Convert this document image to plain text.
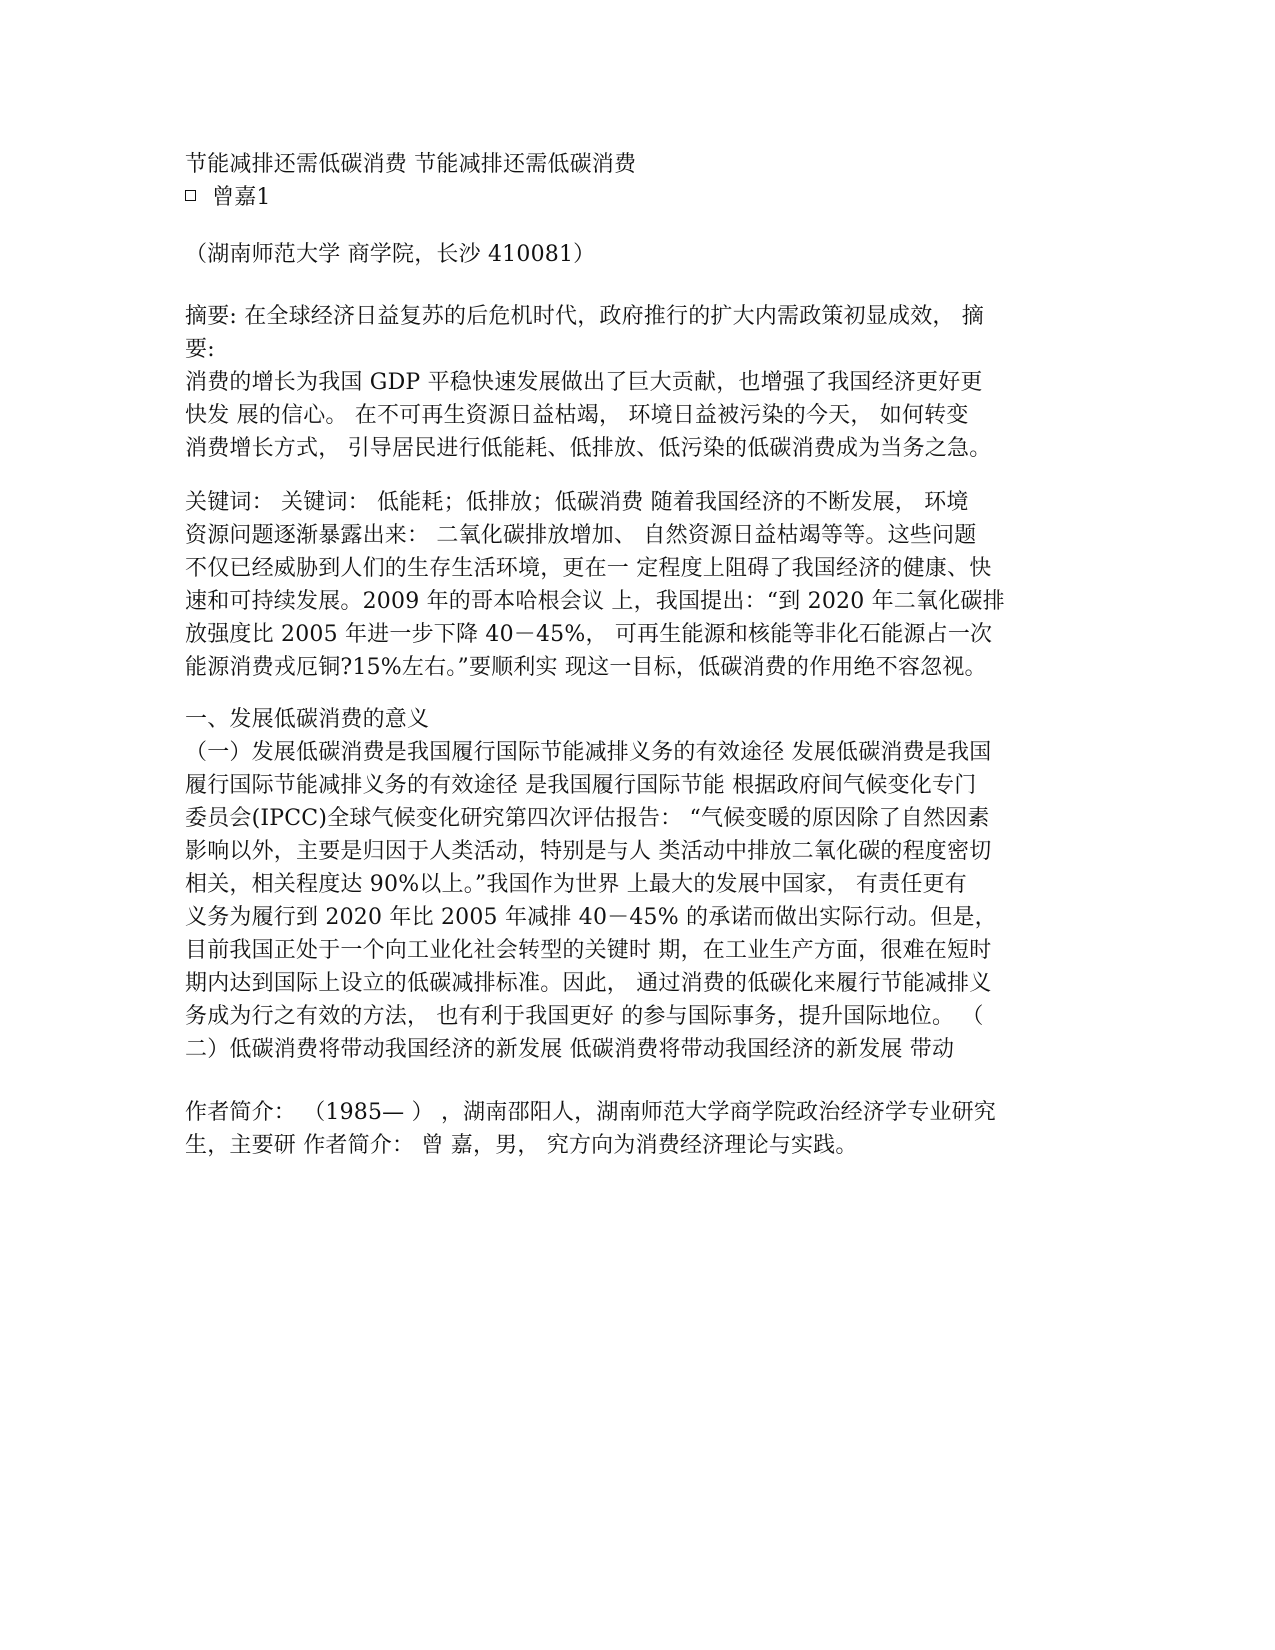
节能减排还需低碳消费 节能减排还需低碳消费
曾嘉1
（湖南师范大学 商学院，长沙 410081）
摘要: 在全球经济日益复苏的后危机时代，政府推行的扩大内需政策初显成效， 摘
要:
消费的增长为我国 GDP 平稳快速发展做出了巨大贡献，也增强了我国经济更好更
快发 展的信心。 在不可再生资源日益枯竭， 环境日益被污染的今天， 如何转变
消费增长方式， 引导居民进行低能耗、低排放、低污染的低碳消费成为当务之急。
关键词： 关键词： 低能耗；低排放；低碳消费 随着我国经济的不断发展， 环境
资源问题逐渐暴露出来： 二氧化碳排放增加、 自然资源日益枯竭等等。这些问题
不仅已经威胁到人们的生存生活环境，更在一 定程度上阻碍了我国经济的健康、快
速和可持续发展。2009 年的哥本哈根会议 上，我国提出：“到 2020 年二氧化碳排
放强度比 2005 年进一步下降 40－45%， 可再生能源和核能等非化石能源占一次
能源消费戎厄铜?15%左右。”要顺利实 现这一目标，低碳消费的作用绝不容忽视。
一、发展低碳消费的意义
（一）发展低碳消费是我国履行国际节能减排义务的有效途径 发展低碳消费是我国
履行国际节能减排义务的有效途径 是我国履行国际节能 根据政府间气候变化专门
委员会(IPCC)全球气候变化研究第四次评估报告： “气候变暖的原因除了自然因素
影响以外，主要是归因于人类活动，特别是与人 类活动中排放二氧化碳的程度密切
相关，相关程度达 90%以上。”我国作为世界 上最大的发展中国家， 有责任更有
义务为履行到 2020 年比 2005 年减排 40－45% 的承诺而做出实际行动。但是，
目前我国正处于一个向工业化社会转型的关键时 期，在工业生产方面，很难在短时
期内达到国际上设立的低碳减排标准。因此， 通过消费的低碳化来履行节能减排义
务成为行之有效的方法， 也有利于我国更好 的参与国际事务，提升国际地位。 （
二）低碳消费将带动我国经济的新发展 低碳消费将带动我国经济的新发展 带动
作者简介： （1985— ） ，湖南邵阳人，湖南师范大学商学院政治经济学专业研究
生，主要研 作者简介： 曾 嘉，男， 究方向为消费经济理论与实践。
